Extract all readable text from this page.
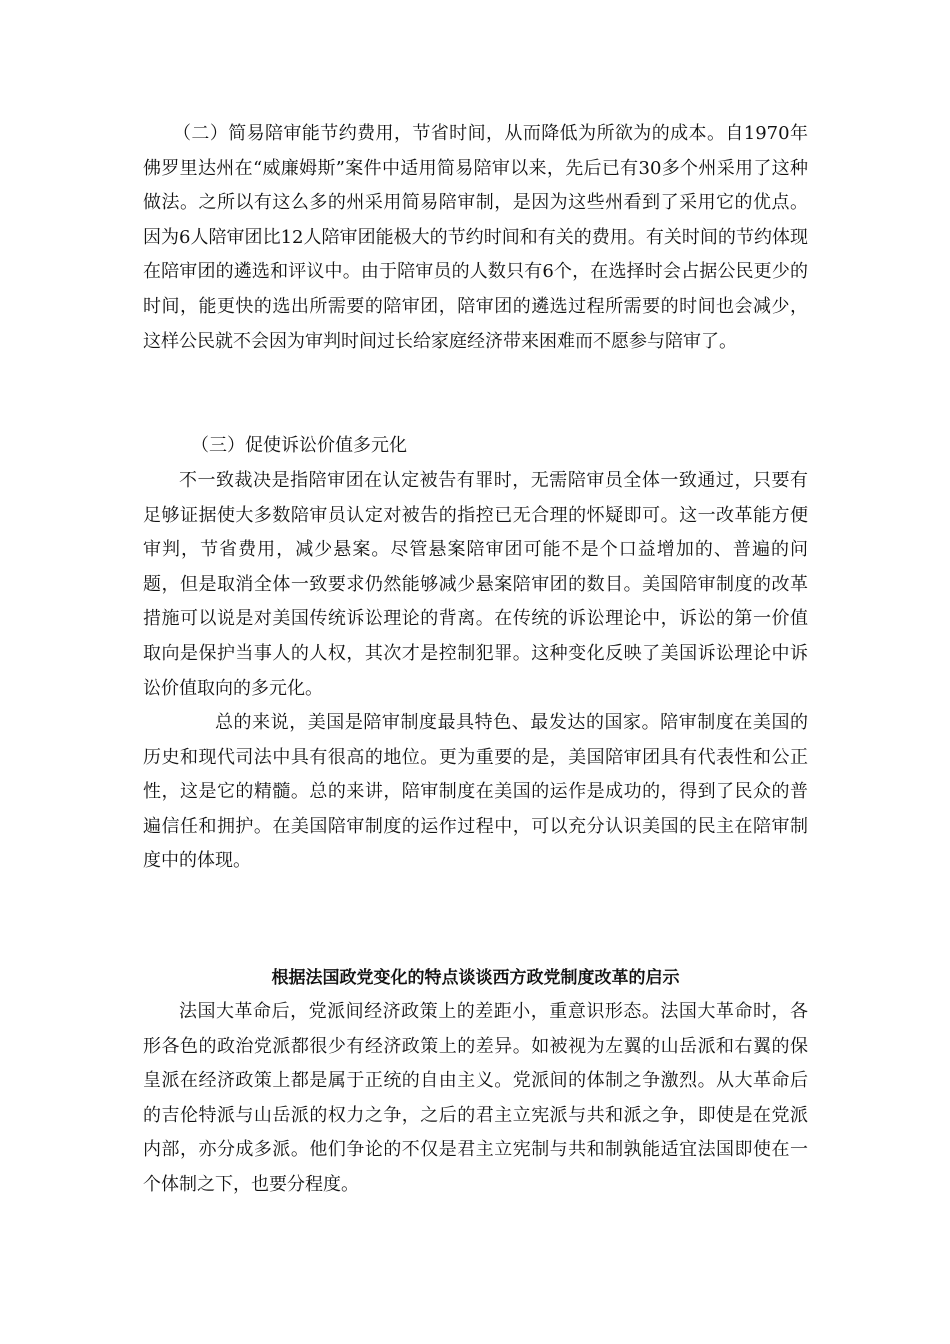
（二）简易陪审能节约费用，节省时间，从而降低为所欲为的成本。自1970年佛罗里达州在“威廉姆斯”案件中适用简易陪审以来，先后已有30多个州采用了这种做法。之所以有这么多的州采用简易陪审制，是因为这些州看到了采用它的优点。因为6人陪审团比12人陪审团能极大的节约时间和有关的费用。有关时间的节约体现在陪审团的遴选和评议中。由于陪审员的人数只有6个，在选择时会占据公民更少的时间，能更快的选出所需要的陪审团，陪审团的遴选过程所需要的时间也会减少，这样公民就不会因为审判时间过长给家庭经济带来困难而不愿参与陪审了。

（三）促使诉讼价值多元化

不一致裁决是指陪审团在认定被告有罪时，无需陪审员全体一致通过，只要有足够证据使大多数陪审员认定对被告的指控已无合理的怀疑即可。这一改革能方便审判，节省费用，减少悬案。尽管悬案陪审团可能不是个口益增加的、普遍的问题，但是取消全体一致要求仍然能够减少悬案陪审团的数目。美国陪审制度的改革措施可以说是对美国传统诉讼理论的背离。在传统的诉讼理论中，诉讼的第一价值取向是保护当事人的人权，其次才是控制犯罪。这种变化反映了美国诉讼理论中诉讼价值取向的多元化。

总的来说，美国是陪审制度最具特色、最发达的国家。陪审制度在美国的历史和现代司法中具有很高的地位。更为重要的是，美国陪审团具有代表性和公正性，这是它的精髓。总的来讲，陪审制度在美国的运作是成功的，得到了民众的普遍信任和拥护。在美国陪审制度的运作过程中，可以充分认识美国的民主在陪审制度中的体现。

根据法国政党变化的特点谈谈西方政党制度改革的启示

法国大革命后，党派间经济政策上的差距小，重意识形态。法国大革命时，各形各色的政治党派都很少有经济政策上的差异。如被视为左翼的山岳派和右翼的保皇派在经济政策上都是属于正统的自由主义。党派间的体制之争激烈。从大革命后的吉伦特派与山岳派的权力之争，之后的君主立宪派与共和派之争，即使是在党派内部，亦分成多派。他们争论的不仅是君主立宪制与共和制孰能适宜法国即使在一个体制之下，也要分程度。
